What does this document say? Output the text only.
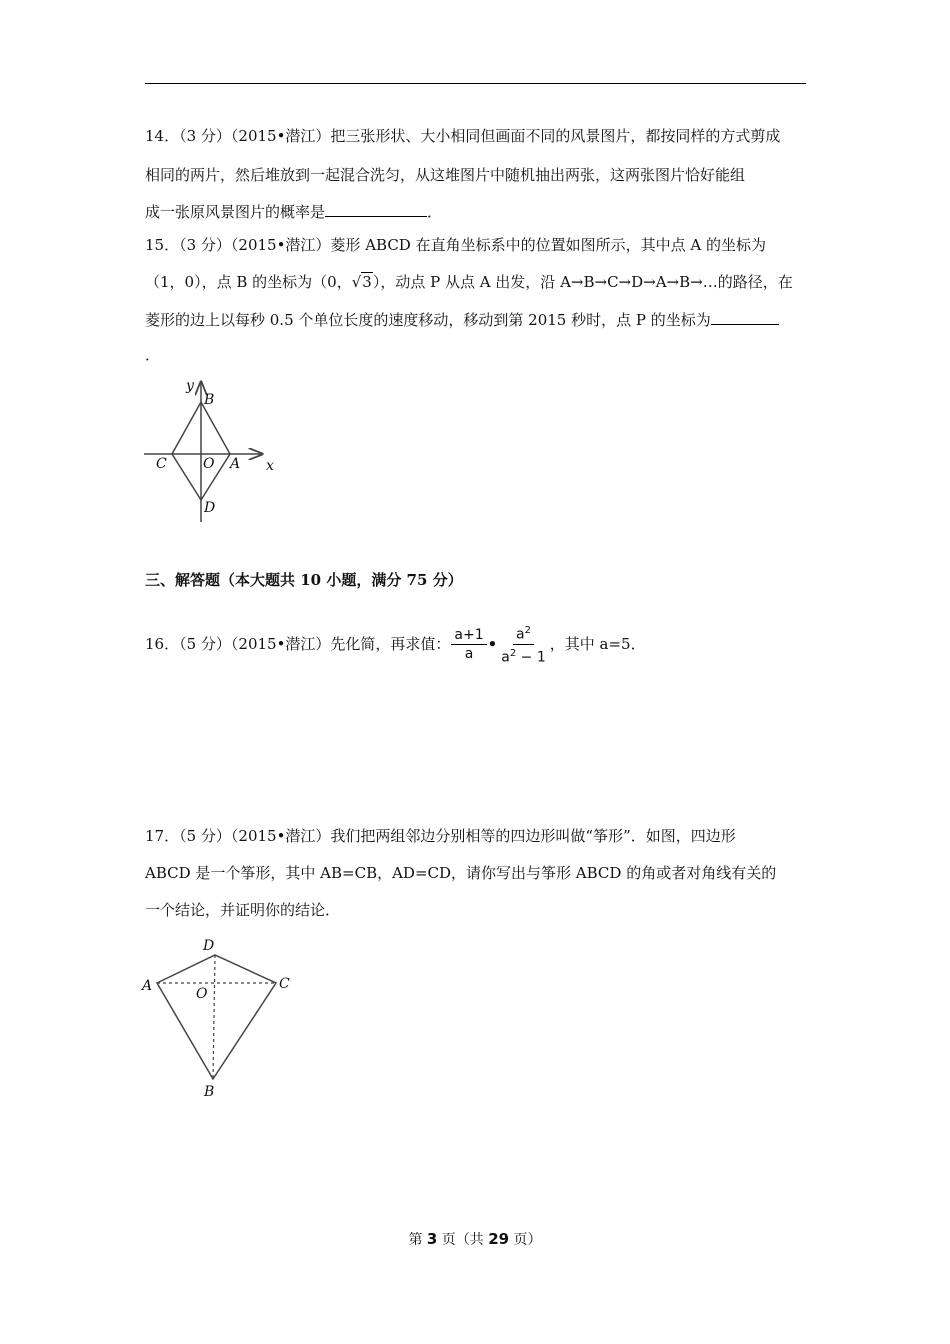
14．（3 分）（2015•潜江）把三张形状、大小相同但画面不同的风景图片，都按同样的方式剪成
相同的两片，然后堆放到一起混合洗匀，从这堆图片中随机抽出两张，这两张图片恰好能组
成一张原风景图片的概率是	．
15．（3 分）（2015•潜江）菱形 ABCD 在直角坐标系中的位置如图所示，其中点 A 的坐标为
（1，0），点 B 的坐标为（0，√3），动点 P 从点 A 出发，沿 A→B→C→D→A→B→…的路径，在
菱形的边上以每秒 0.5 个单位长度的速度移动，移动到第 2015 秒时，点 P 的坐标为
．
y
x
B
C	O A
D
三、解答题（本大题共 10 小题，满分 75 分）
16．（5 分）（2015•潜江）先化简，再求值： $\frac{a+1}{a}$ • $\frac{a^2}{a^2 - 1}$ ，其中 a=5．
17．（5 分）（2015•潜江）我们把两组邻边分别相等的四边形叫做“筝形”．如图，四边形
ABCD 是一个筝形，其中 AB=CB，AD=CD，请你写出与筝形 ABCD 的角或者对角线有关的
一个结论，并证明你的结论．
D
A	C
O
B
第 3 页（共 29 页）
